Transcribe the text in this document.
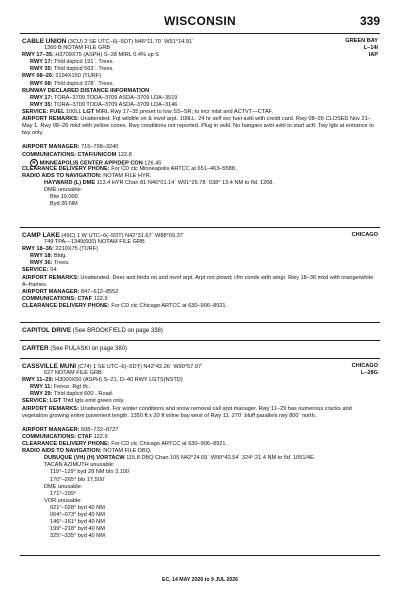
WISCONSIN	339
CABLE UNION (3CU) 2 SE UTC–6(–5DT) N46°11.70´ W91°14.91´	GREEN BAY
1360 B NOTAM FILE GRB	L–14I
RWY 17–35: H3709X75 (ASPH) S–28 MIRL 0.4% up S	IAP
RWY 17: Thld dsplcd 191´. Trees.
RWY 35: Thld dsplcd 563´. Trees.
RWY 08–26: 2194X150 (TURF)
RWY 08: Thld dsplcd 378´. Trees.
RUNWAY DECLARED DISTANCE INFORMATION
RWY 17: TORA–3709 TODA–3709 ASDA–3709 LDA–3519
RWY 35: TORA–3709 TODA–3709 ASDA–3709 LDA–3146
SERVICE: FUEL 100LL LGT MIRL Rwy 17–35 preset to low SS–SR; to incr intst and ACTVT—CTAF.
AIRPORT REMARKS: Unattended. Fqt wildlife on & invof arpt. 100LL: 24 hr self svc fuel avbl with credit card. Rwy 08–26 CLOSED Nov 21–May 1. Rwy 08–26 mkd with yellow cones. Rwy conditions not reported. Plug in avbl. No hangars avbl avbl to start acft. Twy lgts at entrance to twy only.
AIRPORT MANAGER: 715–798–3240
COMMUNICATIONS: CTAF/UNICOM 122.8
R MINNEAPOLIS CENTER APP/DEP CON 126.45
CLEARANCE DELIVERY PHONE: For CD ctc Minneapolis ARTCC at 651–463–5588.
RADIO AIDS TO NAVIGATION: NOTAM FILE HYR.
HAYWARD (L) DME 113.4 HYR Chan 81 N46°01.14´ W91°26.78´ 038° 13.4 NM to fld. 1208.
DME unusable:
Blw 10,000´
Byd 20 NM
CAMP LAKE (49C) 1 W UTC–6(–5DT) N42°31.67´ W88°09.37´	CHICAGO
749 TPA—1349(600) NOTAM FILE GRB
RWY 18–36: 2210X75 (TURF)
RWY 18: Bldg.
RWY 36: Trees.
SERVICE: S4
AIRPORT REMARKS: Unattended. Deer and birds on and invof arpt. Arpt not plowd; cfm conds with amgr. Rwy 18–36 mkd with orange/white A–frames.
AIRPORT MANAGER: 847–612–8552
COMMUNICATIONS: CTAF 122.9
CLEARANCE DELIVERY PHONE: For CD ctc Chicago ARTCC at 630–906–8921.
CAPITOL DRIVE (See BROOKFIELD on page 338)
CARTER (See PULASKI on page 380)
CASSVILLE MUNI (C74) 1 SE UTC–6(–5DT) N42°42.26´ W90°57.97´	CHICAGO
627 NOTAM FILE GRB	L–28G
RWY 11–29: H3000X50 (ASPH) S–21, D–40 RWY LGTS(NSTD)
RWY 11: Fence. Rgt tfc.
RWY 29: Thld dsplcd 600´. Road.
SERVICE: LGT Thld lgts emit green only.
AIRPORT REMARKS: Unattended. For winter conditions and snow removal call arpt manager. Rwy 11–29 has numerous cracks and vegetation growing entire pavement length. 1350 ft x 20 ft inline bay west of Rwy 11. 270´ bluff parallels rwy 800´ north.
AIRPORT MANAGER: 608–732–8727
COMMUNICATIONS: CTAF 122.9
CLEARANCE DELIVERY PHONE: For CD ctc Chicago ARTCC at 630–906–8921.
RADIO AIDS TO NAVIGATION: NOTAM FILE DBQ.
DUBUQUE (VH) (H) VORTACW 115.8 DBQ Chan 105 N42°24.09´ W90°42.54´ 324° 21.4 NM to fld. 1051/4E.
TACAN AZIMUTH unusable:
119°–129° byd 28 NM blo 3,100´
170°–265° blo 17,500´
DME unusable:
171°–199°
VOR unusable:
021°–028° byd 40 NM
064°–073° byd 40 NM
146°–161° byd 40 NM
199°–218° byd 40 NM
325°–335° byd 40 NM
EC, 14 MAY 2026 to 9 JUL 2026
